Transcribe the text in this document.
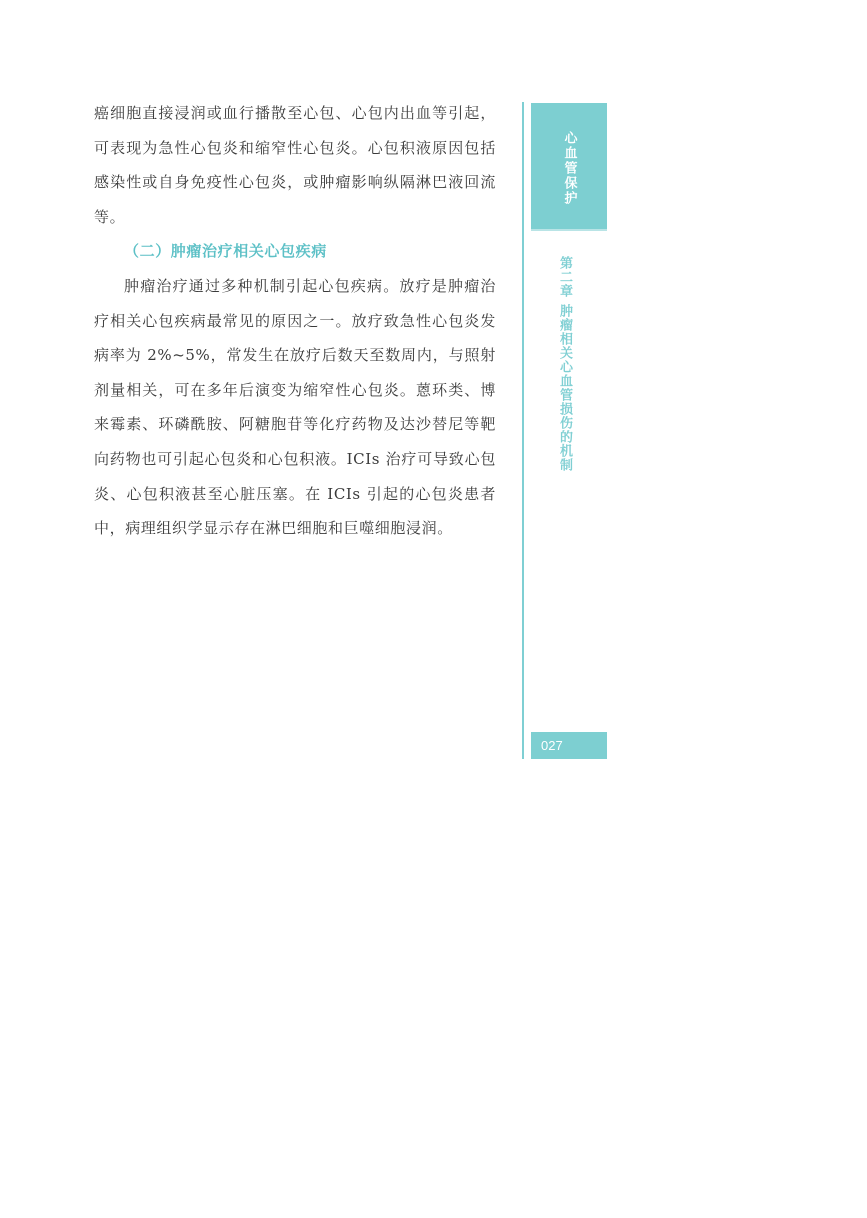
癌细胞直接浸润或血行播散至心包、心包内出血等引起，可表现为急性心包炎和缩窄性心包炎。心包积液原因包括感染性或自身免疫性心包炎，或肿瘤影响纵隔淋巴液回流等。

（二）肿瘤治疗相关心包疾病

肿瘤治疗通过多种机制引起心包疾病。放疗是肿瘤治疗相关心包疾病最常见的原因之一。放疗致急性心包炎发病率为 2%~5%，常发生在放疗后数天至数周内，与照射剂量相关，可在多年后演变为缩窄性心包炎。蒽环类、博来霉素、环磷酰胺、阿糖胞苷等化疗药物及达沙替尼等靶向药物也可引起心包炎和心包积液。ICIs 治疗可导致心包炎、心包积液甚至心脏压塞。在 ICIs 引起的心包炎患者中，病理组织学显示存在淋巴细胞和巨噬细胞浸润。

心血管保护
第二章
肿瘤相关心血管损伤的机制
027
